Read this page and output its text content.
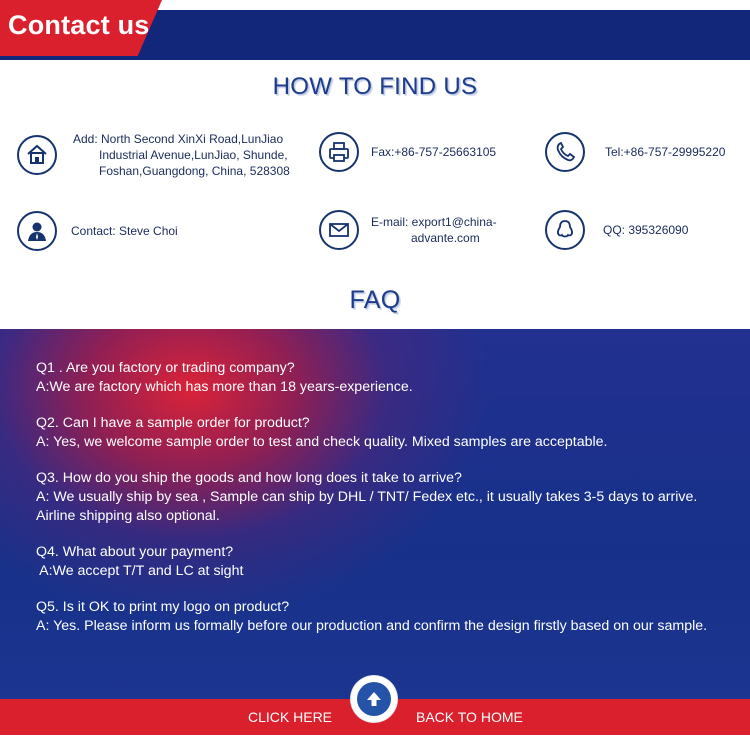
Contact us
HOW TO FIND US
Add: North Second XinXi Road,LunJiao
Industrial Avenue,LunJiao, Shunde,
Foshan,Guangdong, China, 528308
Fax:+86-757-25663105	Tel:+86-757-29995220
Contact: Steve Choi
E-mail: export1@china-
advante.com
QQ: 395326090
FAQ
Q1 . Are you factory or trading company?
A:We are factory which has more than 18 years-experience.
Q2. Can I have a sample order for product?
A: Yes, we welcome sample order to test and check quality. Mixed samples are acceptable.
Q3. How do you ship the goods and how long does it take to arrive?
A: We usually ship by sea , Sample can ship by DHL / TNT/ Fedex etc., it usually takes 3-5 days to arrive. Airline shipping also optional.
Q4. What about your payment?
A:We accept T/T and LC at sight
Q5. Is it OK to print my logo on product?
A: Yes. Please inform us formally before our production and confirm the design firstly based on our sample.
CLICK HERE	BACK TO HOME
